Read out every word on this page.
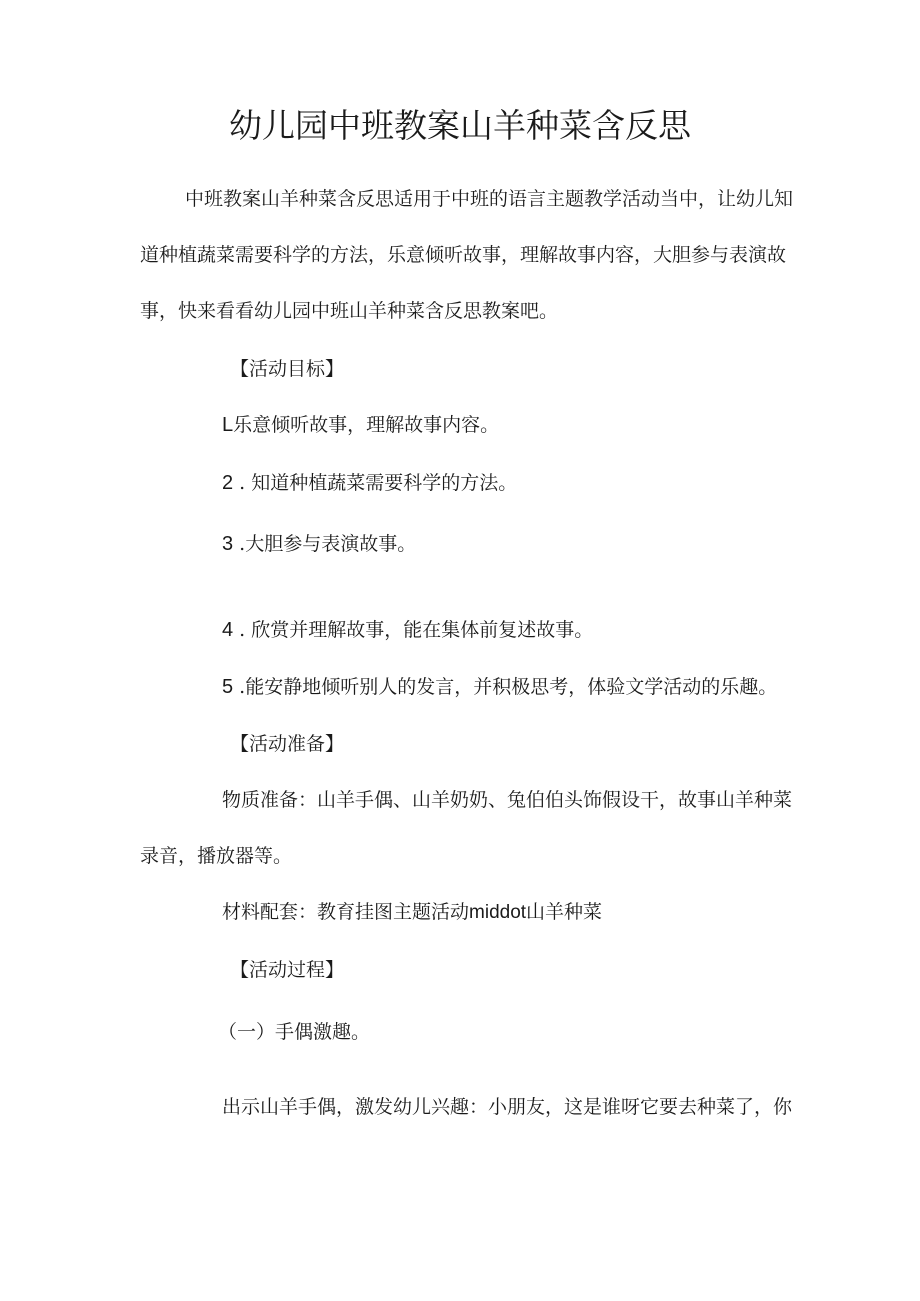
幼儿园中班教案山羊种菜含反思

中班教案山羊种菜含反思适用于中班的语言主题教学活动当中，让幼儿知

道种植蔬菜需要科学的方法，乐意倾听故事，理解故事内容，大胆参与表演故

事，快来看看幼儿园中班山羊种菜含反思教案吧。

【活动目标】

L乐意倾听故事，理解故事内容。

2 . 知道种植蔬菜需要科学的方法。

3 .大胆参与表演故事。

4 . 欣赏并理解故事，能在集体前复述故事。

5 .能安静地倾听别人的发言，并积极思考，体验文学活动的乐趣。

【活动准备】

物质准备：山羊手偶、山羊奶奶、兔伯伯头饰假设干，故事山羊种菜

录音，播放器等。

材料配套：教育挂图主题活动middot山羊种菜

【活动过程】

（一）手偶激趣。

出示山羊手偶，激发幼儿兴趣：小朋友，这是谁呀它要去种菜了，你
